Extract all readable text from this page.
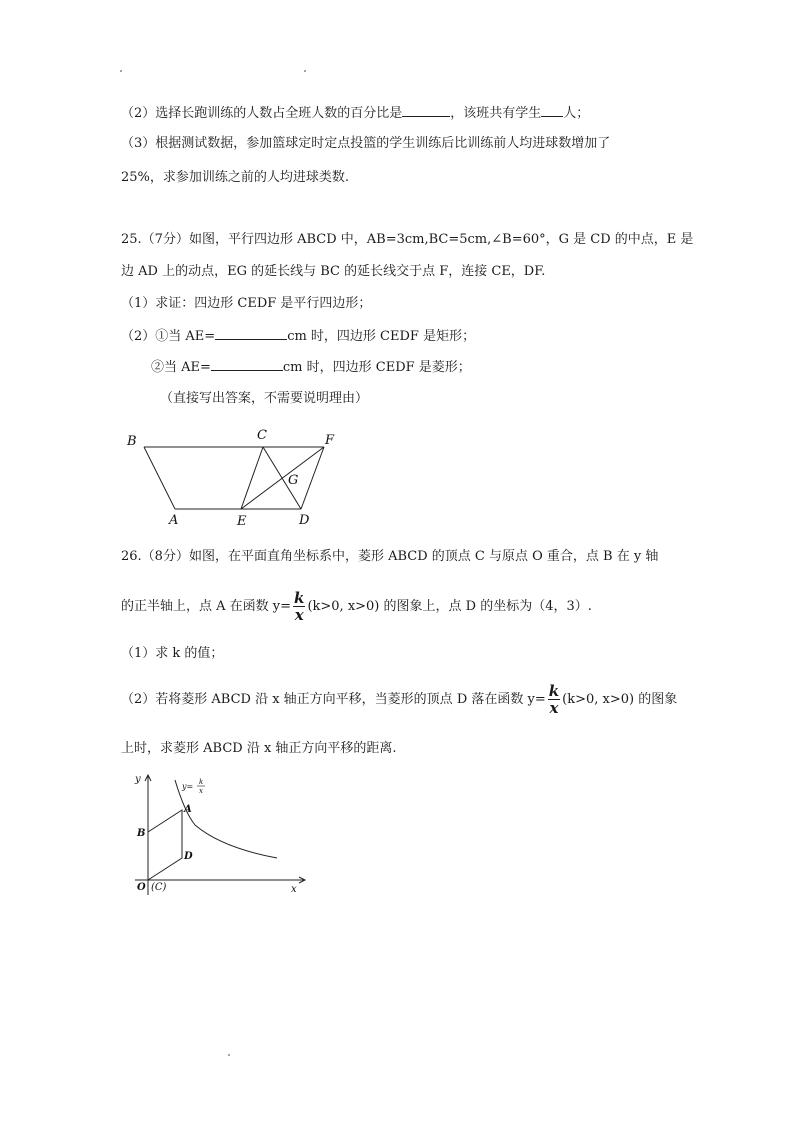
（2）选择长跑训练的人数占全班人数的百分比是	，该班共有学生 人；
（3）根据测试数据，参加篮球定时定点投篮的学生训练后比训练前人均进球数增加了
25%，求参加训练之前的人均进球类数.
25.（7分）如图，平行四边形 ABCD 中，AB=3cm,BC=5cm,∠B=60°，G 是 CD 的中点，E 是
边 AD 上的动点，EG 的延长线与 BC 的延长线交于点 F，连接 CE，DF.
（1）求证：四边形 CEDF 是平行四边形；
（2）①当 AE=	cm 时，四边形 CEDF 是矩形；
②当 AE=	cm 时，四边形 CEDF 是菱形；
（直接写出答案，不需要说明理由）
B	C	F
G
A	E	D
26.（8分）如图，在平面直角坐标系中，菱形 ABCD 的顶点 C 与原点 O 重合，点 B 在 y 轴
的正半轴上，点 A 在函数 $y= \frac{k}{x} (k>0$, x>0) 的图象上，点 D 的坐标为（4，3）.
（1）求 k 的值；
（2）若将菱形 ABCD 沿 x 轴正方向平移，当菱形的顶点 D 落在函数 $y= \frac{k}{x} (k>0$, x>0) 的图象
上时，求菱形 ABCD 沿 x 轴正方向平移的距离.
y
x
O (C)
A
B
D
y= k
x
